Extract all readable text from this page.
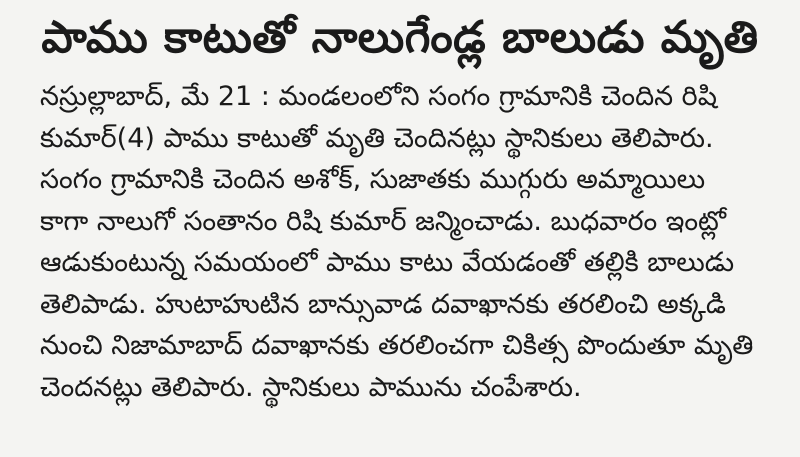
పాము కాటుతో నాలుగేండ్ల బాలుడు మృతి
నస్రుల్లాబాద్, మే 21 : మండలంలోని సంగం గ్రామానికి చెందిన రిషి
కుమార్(4) పాము కాటుతో మృతి చెందినట్లు స్థానికులు తెలిపారు.
సంగం గ్రామానికి చెందిన అశోక్, సుజాతకు ముగ్గురు అమ్మాయిలు
కాగా నాలుగో సంతానం రిషి కుమార్ జన్మించాడు. బుధవారం ఇంట్లో
ఆడుకుంటున్న సమయంలో పాము కాటు వేయడంతో తల్లికి బాలుడు
తెలిపాడు. హుటాహుటిన బాన్సువాడ దవాఖానకు తరలించి అక్కడి
నుంచి నిజామాబాద్ దవాఖానకు తరలించగా చికిత్స పొందుతూ మృతి
చెందనట్లు తెలిపారు. స్థానికులు పామును చంపేశారు.
